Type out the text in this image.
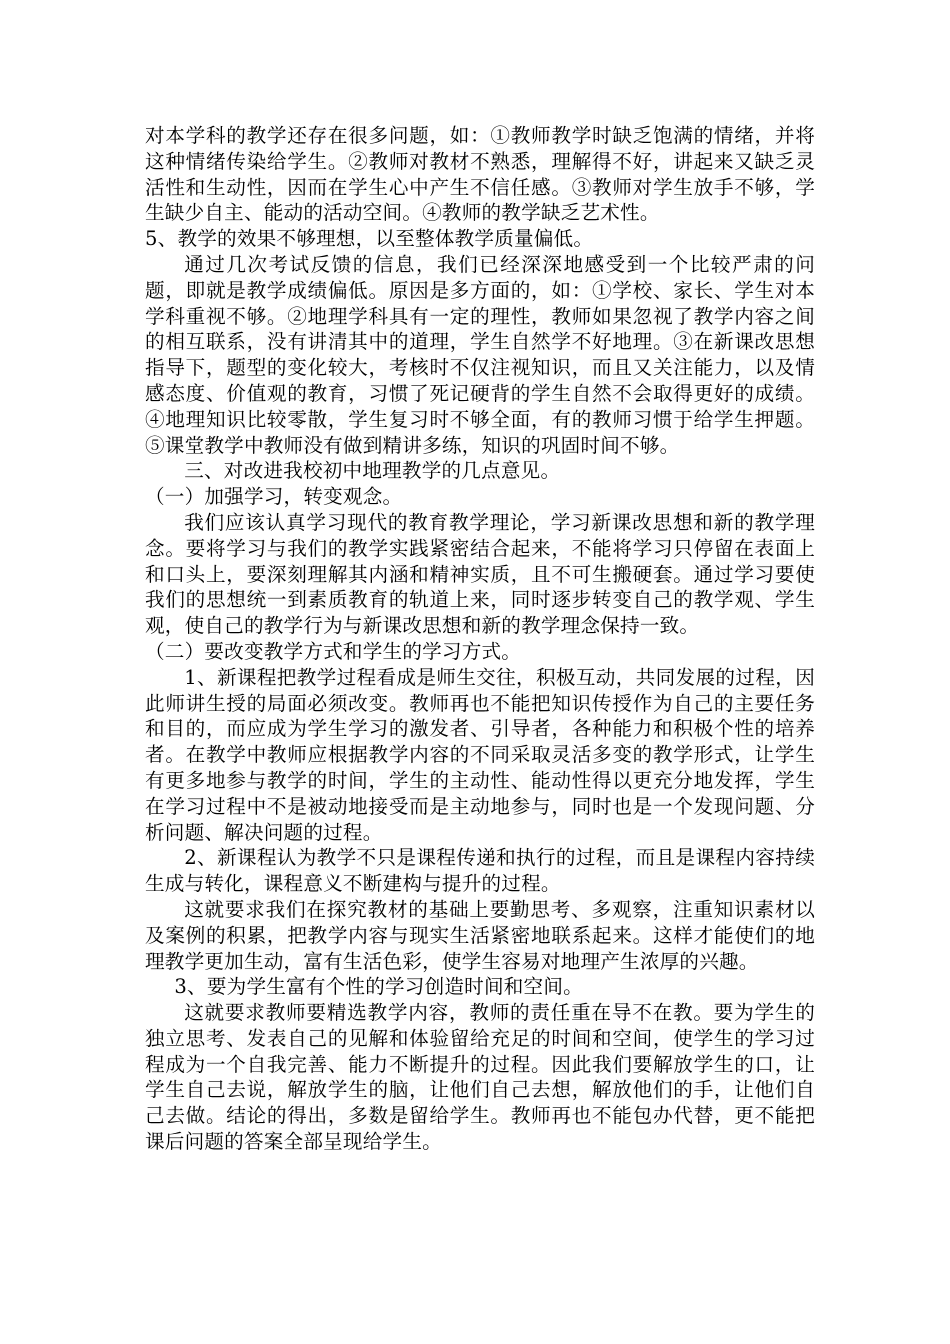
对本学科的教学还存在很多问题，如：①教师教学时缺乏饱满的情绪，并将这种情绪传染给学生。②教师对教材不熟悉，理解得不好，讲起来又缺乏灵活性和生动性，因而在学生心中产生不信任感。③教师对学生放手不够，学生缺少自主、能动的活动空间。④教师的教学缺乏艺术性。

5、教学的效果不够理想，以至整体教学质量偏低。

通过几次考试反馈的信息，我们已经深深地感受到一个比较严肃的问题，即就是教学成绩偏低。原因是多方面的，如：①学校、家长、学生对本学科重视不够。②地理学科具有一定的理性，教师如果忽视了教学内容之间的相互联系，没有讲清其中的道理，学生自然学不好地理。③在新课改思想指导下，题型的变化较大，考核时不仅注视知识，而且又关注能力，以及情感态度、价值观的教育，习惯了死记硬背的学生自然不会取得更好的成绩。④地理知识比较零散，学生复习时不够全面，有的教师习惯于给学生押题。⑤课堂教学中教师没有做到精讲多练，知识的巩固时间不够。

三、对改进我校初中地理教学的几点意见。

（一）加强学习，转变观念。

我们应该认真学习现代的教育教学理论，学习新课改思想和新的教学理念。要将学习与我们的教学实践紧密结合起来，不能将学习只停留在表面上和口头上，要深刻理解其内涵和精神实质，且不可生搬硬套。通过学习要使我们的思想统一到素质教育的轨道上来，同时逐步转变自己的教学观、学生观，使自己的教学行为与新课改思想和新的教学理念保持一致。

（二）要改变教学方式和学生的学习方式。

1、新课程把教学过程看成是师生交往，积极互动，共同发展的过程，因此师讲生授的局面必须改变。教师再也不能把知识传授作为自己的主要任务和目的，而应成为学生学习的激发者、引导者，各种能力和积极个性的培养者。在教学中教师应根据教学内容的不同采取灵活多变的教学形式，让学生有更多地参与教学的时间，学生的主动性、能动性得以更充分地发挥，学生在学习过程中不是被动地接受而是主动地参与，同时也是一个发现问题、分析问题、解决问题的过程。

2、新课程认为教学不只是课程传递和执行的过程，而且是课程内容持续生成与转化，课程意义不断建构与提升的过程。

这就要求我们在探究教材的基础上要勤思考、多观察，注重知识素材以及案例的积累，把教学内容与现实生活紧密地联系起来。这样才能使们的地理教学更加生动，富有生活色彩，使学生容易对地理产生浓厚的兴趣。

3、要为学生富有个性的学习创造时间和空间。

这就要求教师要精选教学内容，教师的责任重在导不在教。要为学生的独立思考、发表自己的见解和体验留给充足的时间和空间，使学生的学习过程成为一个自我完善、能力不断提升的过程。因此我们要解放学生的口，让学生自己去说，解放学生的脑，让他们自己去想，解放他们的手，让他们自己去做。结论的得出，多数是留给学生。教师再也不能包办代替，更不能把课后问题的答案全部呈现给学生。
